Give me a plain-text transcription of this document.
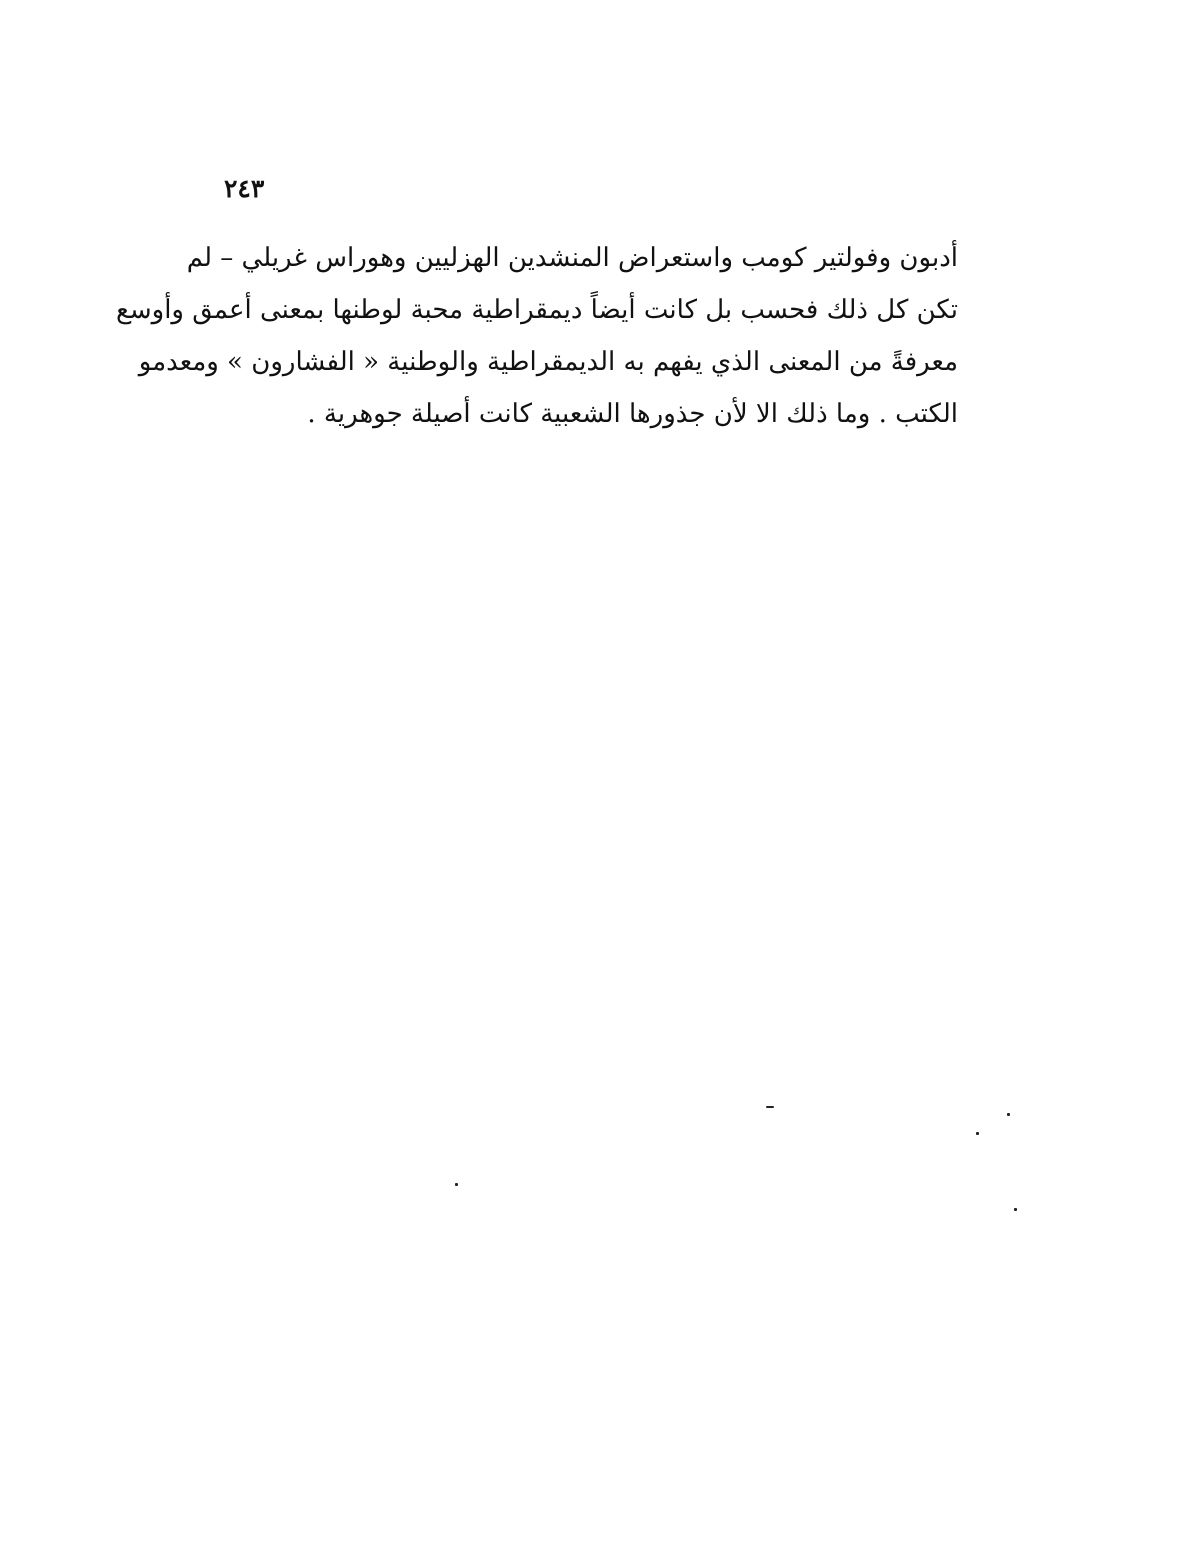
٢٤٣
أدبون وفولتير كومب واستعراض المنشدين الهزليين وهوراس غريلي – لم
تكن كل ذلك فحسب بل كانت أيضاً ديمقراطية محبة لوطنها بمعنى أعمق وأوسع
معرفةً من المعنى الذي يفهم به الديمقراطية والوطنية « الفشارون » ومعدمو
الكتب . وما ذلك الا لأن جذورها الشعبية كانت أصيلة جوهرية .
